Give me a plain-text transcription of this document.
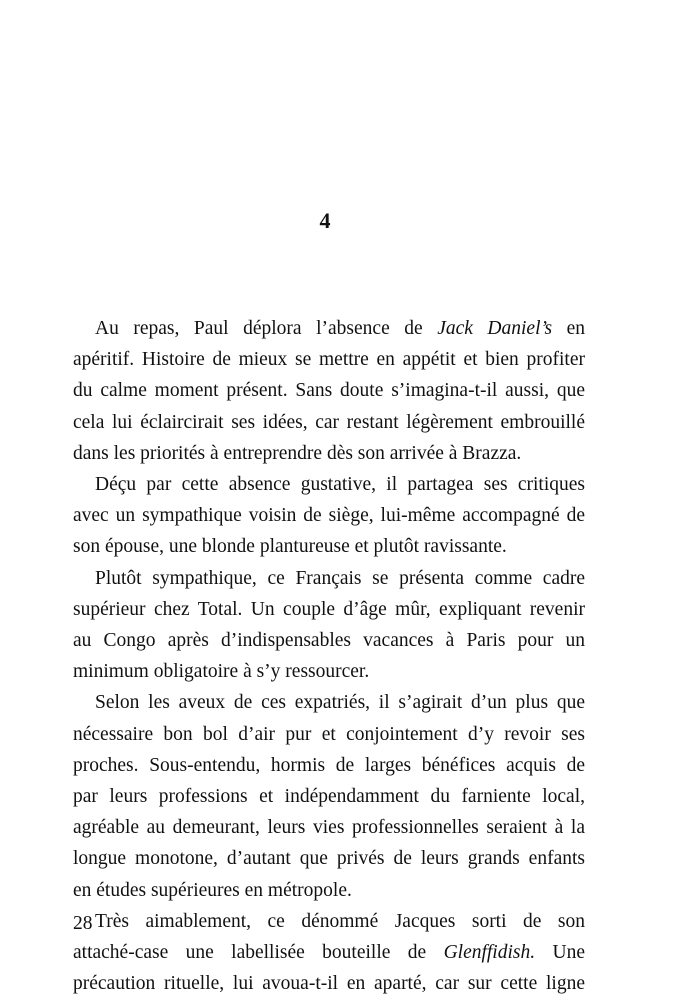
4
Au repas, Paul déplora l’absence de Jack Daniel’s en
apéritif. Histoire de mieux se mettre en appétit et bien profiter
du calme moment présent. Sans doute s’imagina-t-il aussi, que
cela lui éclaircirait ses idées, car restant légèrement embrouillé
dans les priorités à entreprendre dès son arrivée à Brazza.
Déçu par cette absence gustative, il partagea ses critiques
avec un sympathique voisin de siège, lui-même accompagné de
son épouse, une blonde plantureuse et plutôt ravissante.
Plutôt sympathique, ce Français se présenta comme cadre
supérieur chez Total. Un couple d’âge mûr, expliquant revenir
au Congo après d’indispensables vacances à Paris pour un
minimum obligatoire à s’y ressourcer.
Selon les aveux de ces expatriés, il s’agirait d’un plus que
nécessaire bon bol d’air pur et conjointement d’y revoir ses
proches. Sous-entendu, hormis de larges bénéfices acquis de
par leurs professions et indépendamment du farniente local,
agréable au demeurant, leurs vies professionnelles seraient à la
longue monotone, d’autant que privés de leurs grands enfants
en études supérieures en métropole.
Très aimablement, ce dénommé Jacques sorti de son
attaché-case une labellisée bouteille de Glenffidish. Une
précaution rituelle, lui avoua-t-il en aparté, car sur cette ligne
28
